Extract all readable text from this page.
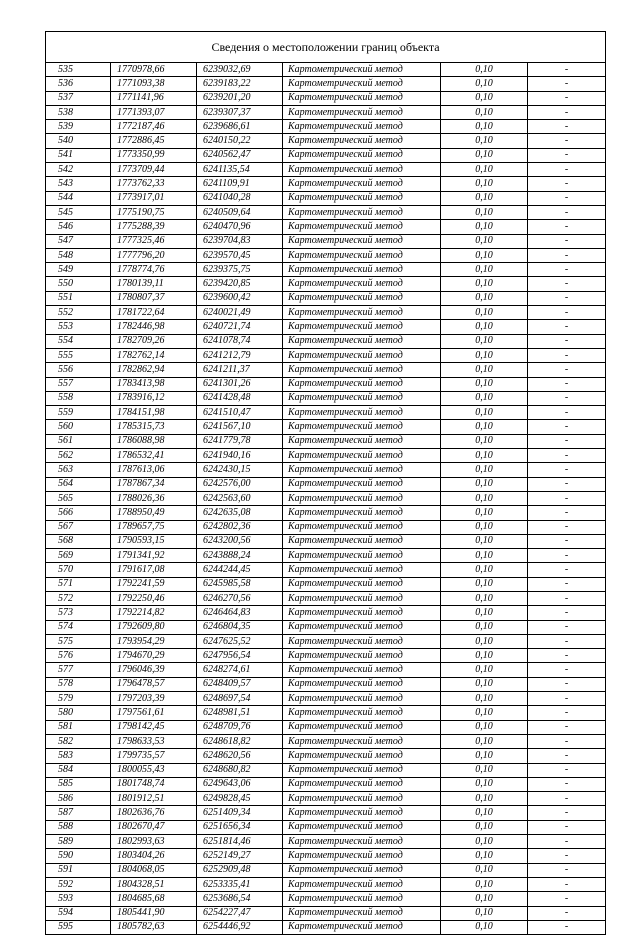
Сведения о местоположении границ объекта
535	1770978,66	6239032,69	Картометрический метод	0,10	-
536	1771093,38	6239183,22	Картометрический метод	0,10	-
537	1771141,96	6239201,20	Картометрический метод	0,10	-
538	1771393,07	6239307,37	Картометрический метод	0,10	-
539	1772187,46	6239686,61	Картометрический метод	0,10	-
540	1772886,45	6240150,22	Картометрический метод	0,10	-
541	1773350,99	6240562,47	Картометрический метод	0,10	-
542	1773709,44	6241135,54	Картометрический метод	0,10	-
543	1773762,33	6241109,91	Картометрический метод	0,10	-
544	1773917,01	6241040,28	Картометрический метод	0,10	-
545	1775190,75	6240509,64	Картометрический метод	0,10	-
546	1775288,39	6240470,96	Картометрический метод	0,10	-
547	1777325,46	6239704,83	Картометрический метод	0,10	-
548	1777796,20	6239570,45	Картометрический метод	0,10	-
549	1778774,76	6239375,75	Картометрический метод	0,10	-
550	1780139,11	6239420,85	Картометрический метод	0,10	-
551	1780807,37	6239600,42	Картометрический метод	0,10	-
552	1781722,64	6240021,49	Картометрический метод	0,10	-
553	1782446,98	6240721,74	Картометрический метод	0,10	-
554	1782709,26	6241078,74	Картометрический метод	0,10	-
555	1782762,14	6241212,79	Картометрический метод	0,10	-
556	1782862,94	6241211,37	Картометрический метод	0,10	-
557	1783413,98	6241301,26	Картометрический метод	0,10	-
558	1783916,12	6241428,48	Картометрический метод	0,10	-
559	1784151,98	6241510,47	Картометрический метод	0,10	-
560	1785315,73	6241567,10	Картометрический метод	0,10	-
561	1786088,98	6241779,78	Картометрический метод	0,10	-
562	1786532,41	6241940,16	Картометрический метод	0,10	-
563	1787613,06	6242430,15	Картометрический метод	0,10	-
564	1787867,34	6242576,00	Картометрический метод	0,10	-
565	1788026,36	6242563,60	Картометрический метод	0,10	-
566	1788950,49	6242635,08	Картометрический метод	0,10	-
567	1789657,75	6242802,36	Картометрический метод	0,10	-
568	1790593,15	6243200,56	Картометрический метод	0,10	-
569	1791341,92	6243888,24	Картометрический метод	0,10	-
570	1791617,08	6244244,45	Картометрический метод	0,10	-
571	1792241,59	6245985,58	Картометрический метод	0,10	-
572	1792250,46	6246270,56	Картометрический метод	0,10	-
573	1792214,82	6246464,83	Картометрический метод	0,10	-
574	1792609,80	6246804,35	Картометрический метод	0,10	-
575	1793954,29	6247625,52	Картометрический метод	0,10	-
576	1794670,29	6247956,54	Картометрический метод	0,10	-
577	1796046,39	6248274,61	Картометрический метод	0,10	-
578	1796478,57	6248409,57	Картометрический метод	0,10	-
579	1797203,39	6248697,54	Картометрический метод	0,10	-
580	1797561,61	6248981,51	Картометрический метод	0,10	-
581	1798142,45	6248709,76	Картометрический метод	0,10	-
582	1798633,53	6248618,82	Картометрический метод	0,10	-
583	1799735,57	6248620,56	Картометрический метод	0,10	-
584	1800055,43	6248680,82	Картометрический метод	0,10	-
585	1801748,74	6249643,06	Картометрический метод	0,10	-
586	1801912,51	6249828,45	Картометрический метод	0,10	-
587	1802636,76	6251409,34	Картометрический метод	0,10	-
588	1802670,47	6251656,34	Картометрический метод	0,10	-
589	1802993,63	6251814,46	Картометрический метод	0,10	-
590	1803404,26	6252149,27	Картометрический метод	0,10	-
591	1804068,05	6252909,48	Картометрический метод	0,10	-
592	1804328,51	6253335,41	Картометрический метод	0,10	-
593	1804685,68	6253686,54	Картометрический метод	0,10	-
594	1805441,90	6254227,47	Картометрический метод	0,10	-
595	1805782,63	6254446,92	Картометрический метод	0,10	-
